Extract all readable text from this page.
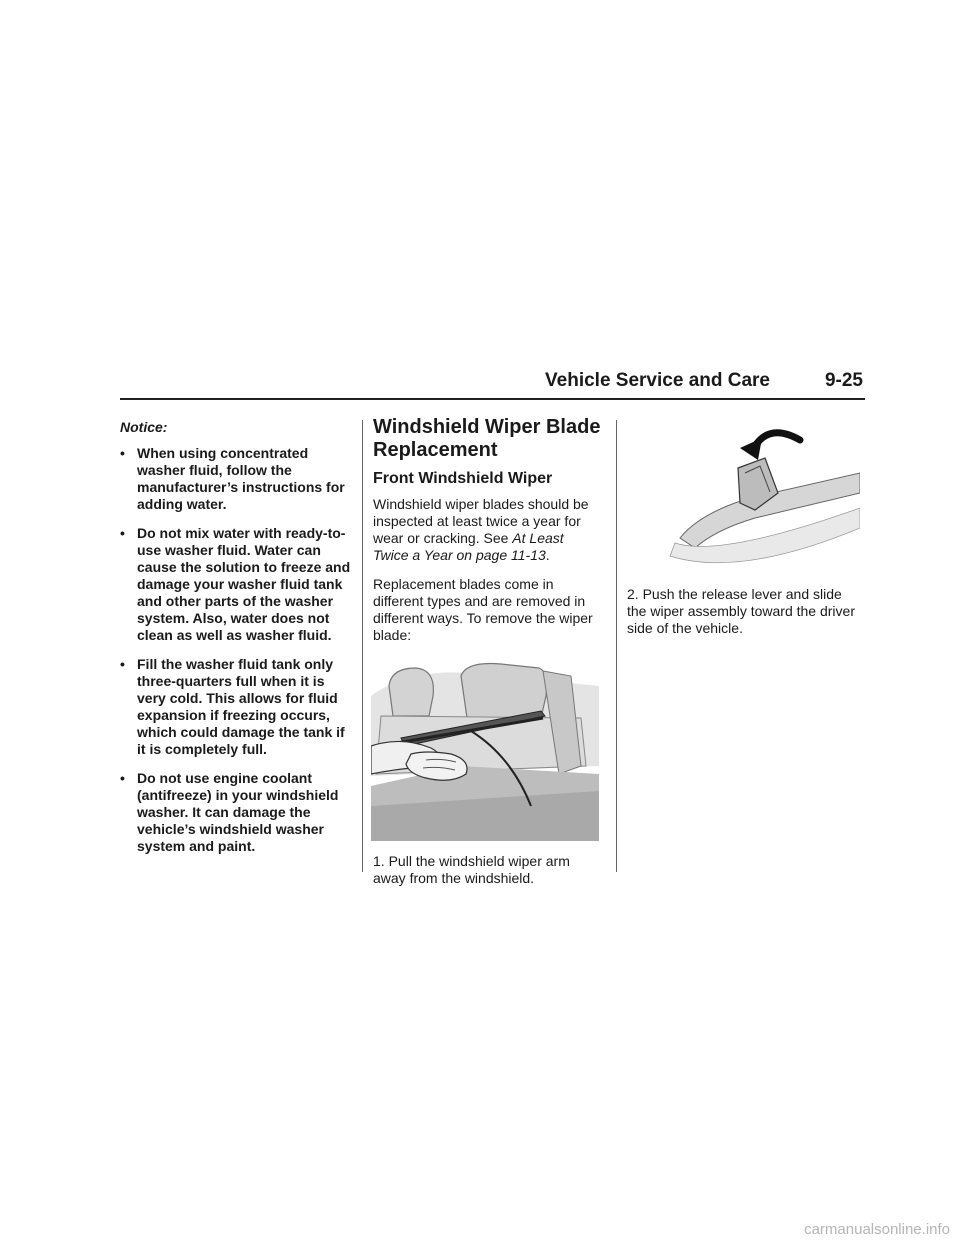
Vehicle Service and Care	9-25
Notice:
• When using concentrated washer fluid, follow the manufacturer’s instructions for adding water.
• Do not mix water with ready-to-use washer fluid. Water can cause the solution to freeze and damage your washer fluid tank and other parts of the washer system. Also, water does not clean as well as washer fluid.
• Fill the washer fluid tank only three-quarters full when it is very cold. This allows for fluid expansion if freezing occurs, which could damage the tank if it is completely full.
• Do not use engine coolant (antifreeze) in your windshield washer. It can damage the vehicle’s windshield washer system and paint.
Windshield Wiper Blade Replacement
Front Windshield Wiper

Windshield wiper blades should be inspected at least twice a year for wear or cracking. See At Least Twice a Year on page 11-13.

Replacement blades come in different types and are removed in different ways. To remove the wiper blade:

1. Pull the windshield wiper arm away from the windshield.
2. Push the release lever and slide the wiper assembly toward the driver side of the vehicle.
carmanualsonline.info
